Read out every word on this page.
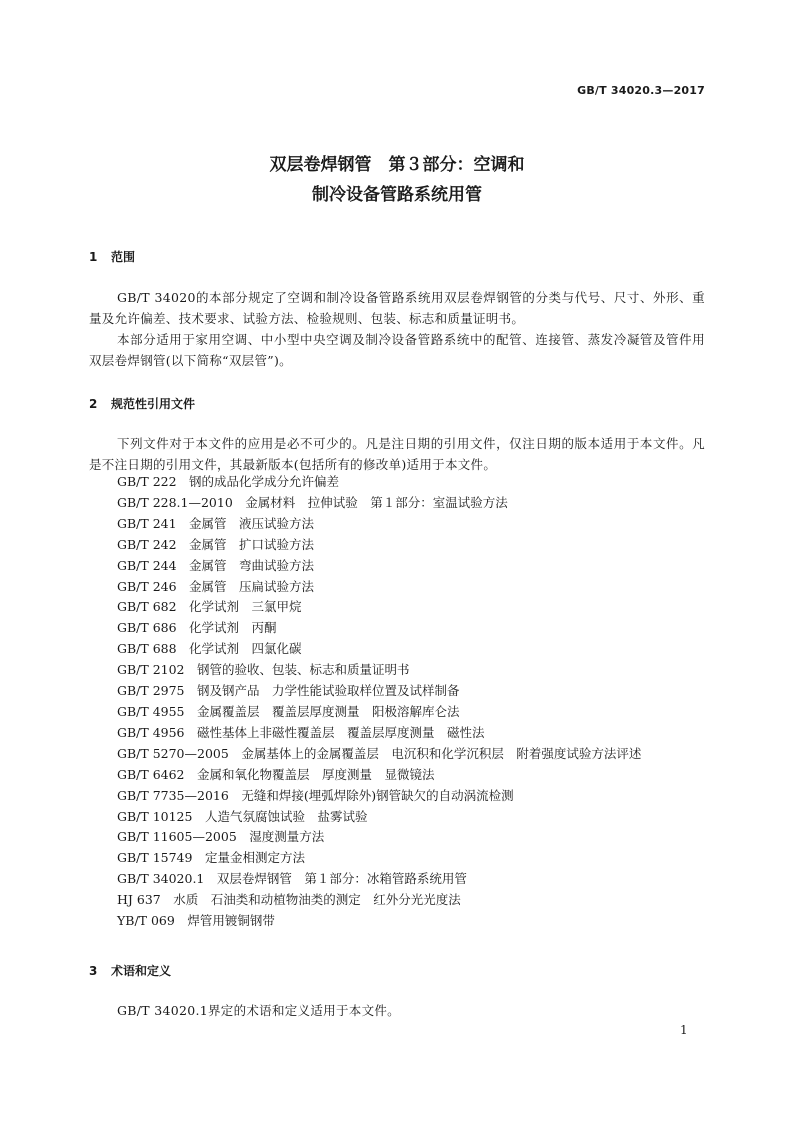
GB/T 34020.3—2017
双层卷焊钢管　第３部分：空调和
制冷设备管路系统用管
1 范围
GB/T 34020的本部分规定了空调和制冷设备管路系统用双层卷焊钢管的分类与代号、尺寸、外形、重量及允许偏差、技术要求、试验方法、检验规则、包装、标志和质量证明书。
本部分适用于家用空调、中小型中央空调及制冷设备管路系统中的配管、连接管、蒸发冷凝管及管件用双层卷焊钢管(以下简称“双层管”)。
2 规范性引用文件
下列文件对于本文件的应用是必不可少的。凡是注日期的引用文件，仅注日期的版本适用于本文件。凡是不注日期的引用文件，其最新版本(包括所有的修改单)适用于本文件。
GB/T 222　钢的成品化学成分允许偏差
GB/T 228.1—2010　金属材料　拉伸试验　第１部分：室温试验方法
GB/T 241　金属管　液压试验方法
GB/T 242　金属管　扩口试验方法
GB/T 244　金属管　弯曲试验方法
GB/T 246　金属管　压扁试验方法
GB/T 682　化学试剂　三氯甲烷
GB/T 686　化学试剂　丙酮
GB/T 688　化学试剂　四氯化碳
GB/T 2102　钢管的验收、包装、标志和质量证明书
GB/T 2975　钢及钢产品　力学性能试验取样位置及试样制备
GB/T 4955　金属覆盖层　覆盖层厚度测量　阳极溶解库仑法
GB/T 4956　磁性基体上非磁性覆盖层　覆盖层厚度测量　磁性法
GB/T 5270—2005　金属基体上的金属覆盖层　电沉积和化学沉积层　附着强度试验方法评述
GB/T 6462　金属和氧化物覆盖层　厚度测量　显微镜法
GB/T 7735—2016　无缝和焊接(埋弧焊除外)钢管缺欠的自动涡流检测
GB/T 10125　人造气氛腐蚀试验　盐雾试验
GB/T 11605—2005　湿度测量方法
GB/T 15749　定量金相测定方法
GB/T 34020.1　双层卷焊钢管　第１部分：冰箱管路系统用管
HJ 637　水质　石油类和动植物油类的测定　红外分光光度法
YB/T 069　焊管用镀铜钢带
3 术语和定义
GB/T 34020.1界定的术语和定义适用于本文件。
1
